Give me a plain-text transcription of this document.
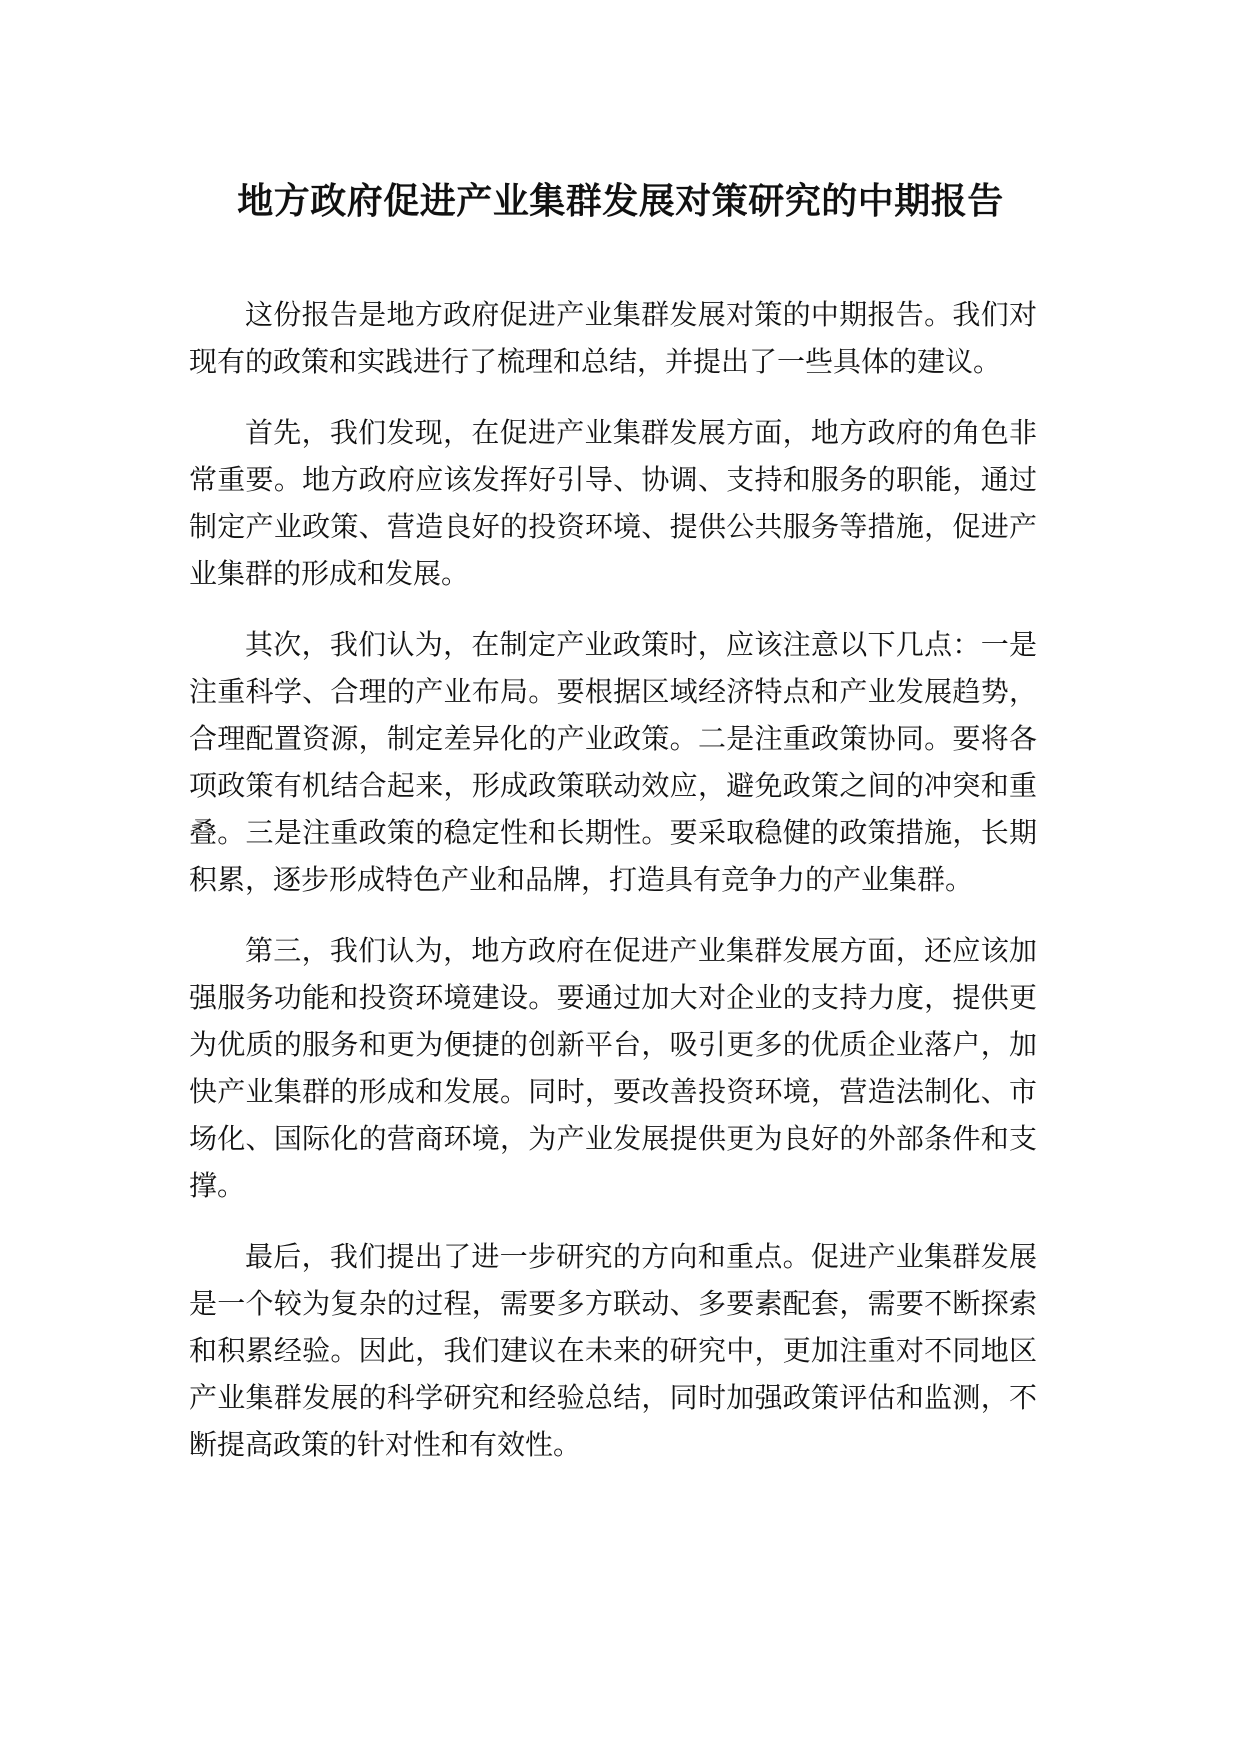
地方政府促进产业集群发展对策研究的中期报告

这份报告是地方政府促进产业集群发展对策的中期报告。我们对现有的政策和实践进行了梳理和总结，并提出了一些具体的建议。

首先，我们发现，在促进产业集群发展方面，地方政府的角色非常重要。地方政府应该发挥好引导、协调、支持和服务的职能，通过制定产业政策、营造良好的投资环境、提供公共服务等措施，促进产业集群的形成和发展。

其次，我们认为，在制定产业政策时，应该注意以下几点：一是注重科学、合理的产业布局。要根据区域经济特点和产业发展趋势，合理配置资源，制定差异化的产业政策。二是注重政策协同。要将各项政策有机结合起来，形成政策联动效应，避免政策之间的冲突和重叠。三是注重政策的稳定性和长期性。要采取稳健的政策措施，长期积累，逐步形成特色产业和品牌，打造具有竞争力的产业集群。

第三，我们认为，地方政府在促进产业集群发展方面，还应该加强服务功能和投资环境建设。要通过加大对企业的支持力度，提供更为优质的服务和更为便捷的创新平台，吸引更多的优质企业落户，加快产业集群的形成和发展。同时，要改善投资环境，营造法制化、市场化、国际化的营商环境，为产业发展提供更为良好的外部条件和支撑。

最后，我们提出了进一步研究的方向和重点。促进产业集群发展是一个较为复杂的过程，需要多方联动、多要素配套，需要不断探索和积累经验。因此，我们建议在未来的研究中，更加注重对不同地区产业集群发展的科学研究和经验总结，同时加强政策评估和监测，不断提高政策的针对性和有效性。
